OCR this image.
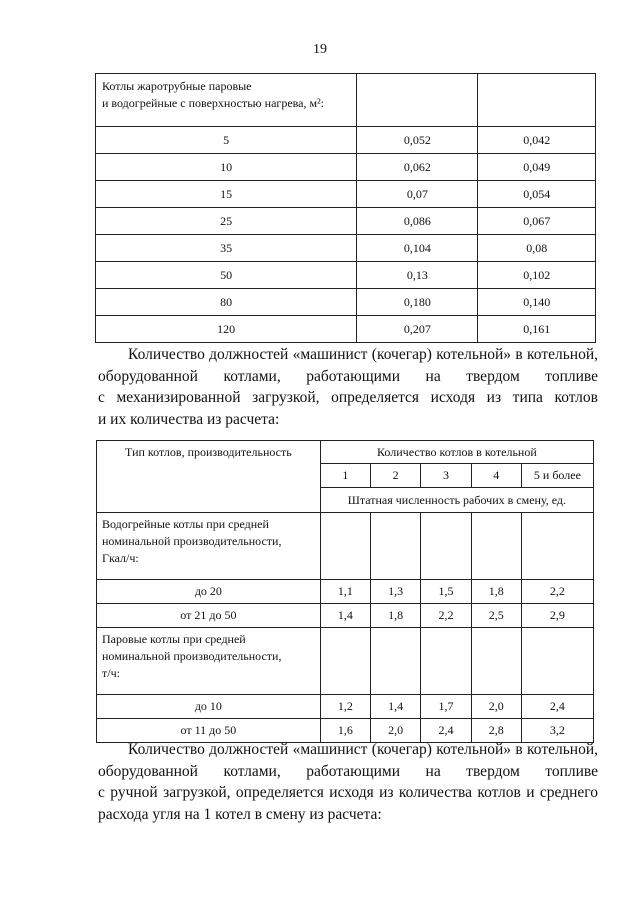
19
Котлы жаротрубные паровые
и водогрейные с поверхностью нагрева, м²:		
5	0,052	0,042
10	0,062	0,049
15	0,07	0,054
25	0,086	0,067
35	0,104	0,08
50	0,13	0,102
80	0,180	0,140
120	0,207	0,161
Количество должностей «машинист (кочегар) котельной» в котельной,
оборудованной котлами, работающими на твердом топливе
с механизированной загрузкой, определяется исходя из типа котлов
и их количества из расчета:
Тип котлов, производительность	Количество котлов в котельной				
	1	2	3	4	5 и более
	Штатная численность рабочих в смену, ед.				
Водогрейные котлы при средней
номинальной производительности,
Гкал/ч:					
до 20	1,1	1,3	1,5	1,8	2,2
от 21 до 50	1,4	1,8	2,2	2,5	2,9
Паровые котлы при средней
номинальной производительности,
т/ч:					
до 10	1,2	1,4	1,7	2,0	2,4
от 11 до 50	1,6	2,0	2,4	2,8	3,2
Количество должностей «машинист (кочегар) котельной» в котельной,
оборудованной котлами, работающими на твердом топливе
с ручной загрузкой, определяется исходя из количества котлов и среднего
расхода угля на 1 котел в смену из расчета:
